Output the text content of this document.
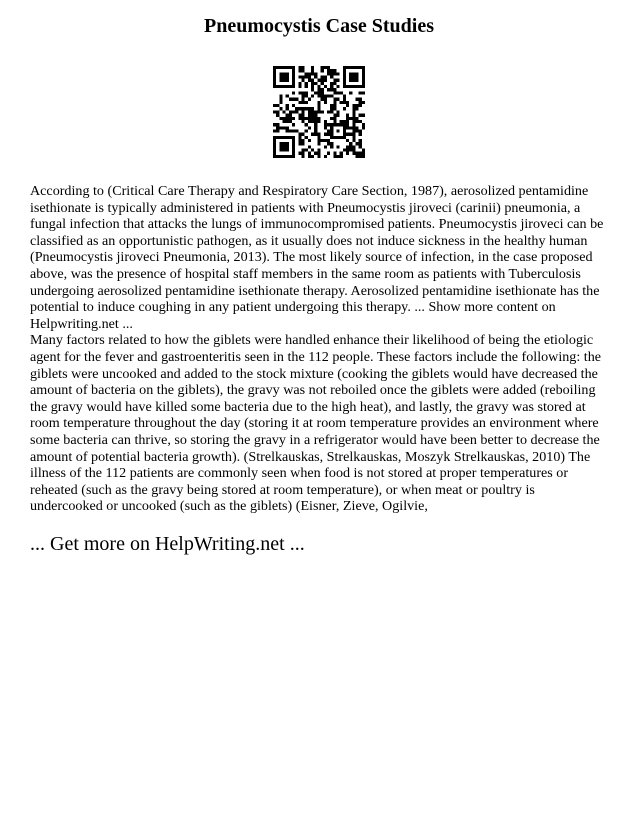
Pneumocystis Case Studies

According to (Critical Care Therapy and Respiratory Care Section, 1987), aerosolized pentamidine isethionate is typically administered in patients with Pneumocystis jiroveci (carinii) pneumonia, a fungal infection that attacks the lungs of immunocompromised patients. Pneumocystis jiroveci can be classified as an opportunistic pathogen, as it usually does not induce sickness in the healthy human (Pneumocystis jiroveci Pneumonia, 2013). The most likely source of infection, in the case proposed above, was the presence of hospital staff members in the same room as patients with Tuberculosis undergoing aerosolized pentamidine isethionate therapy. Aerosolized pentamidine isethionate has the potential to induce coughing in any patient undergoing this therapy. ... Show more content on Helpwriting.net ...

Many factors related to how the giblets were handled enhance their likelihood of being the etiologic agent for the fever and gastroenteritis seen in the 112 people. These factors include the following: the giblets were uncooked and added to the stock mixture (cooking the giblets would have decreased the amount of bacteria on the giblets), the gravy was not reboiled once the giblets were added (reboiling the gravy would have killed some bacteria due to the high heat), and lastly, the gravy was stored at room temperature throughout the day (storing it at room temperature provides an environment where some bacteria can thrive, so storing the gravy in a refrigerator would have been better to decrease the amount of potential bacteria growth). (Strelkauskas, Strelkauskas, Moszyk Strelkauskas, 2010) The illness of the 112 patients are commonly seen when food is not stored at proper temperatures or reheated (such as the gravy being stored at room temperature), or when meat or poultry is undercooked or uncooked (such as the giblets) (Eisner, Zieve, Ogilvie,

... Get more on HelpWriting.net ...
